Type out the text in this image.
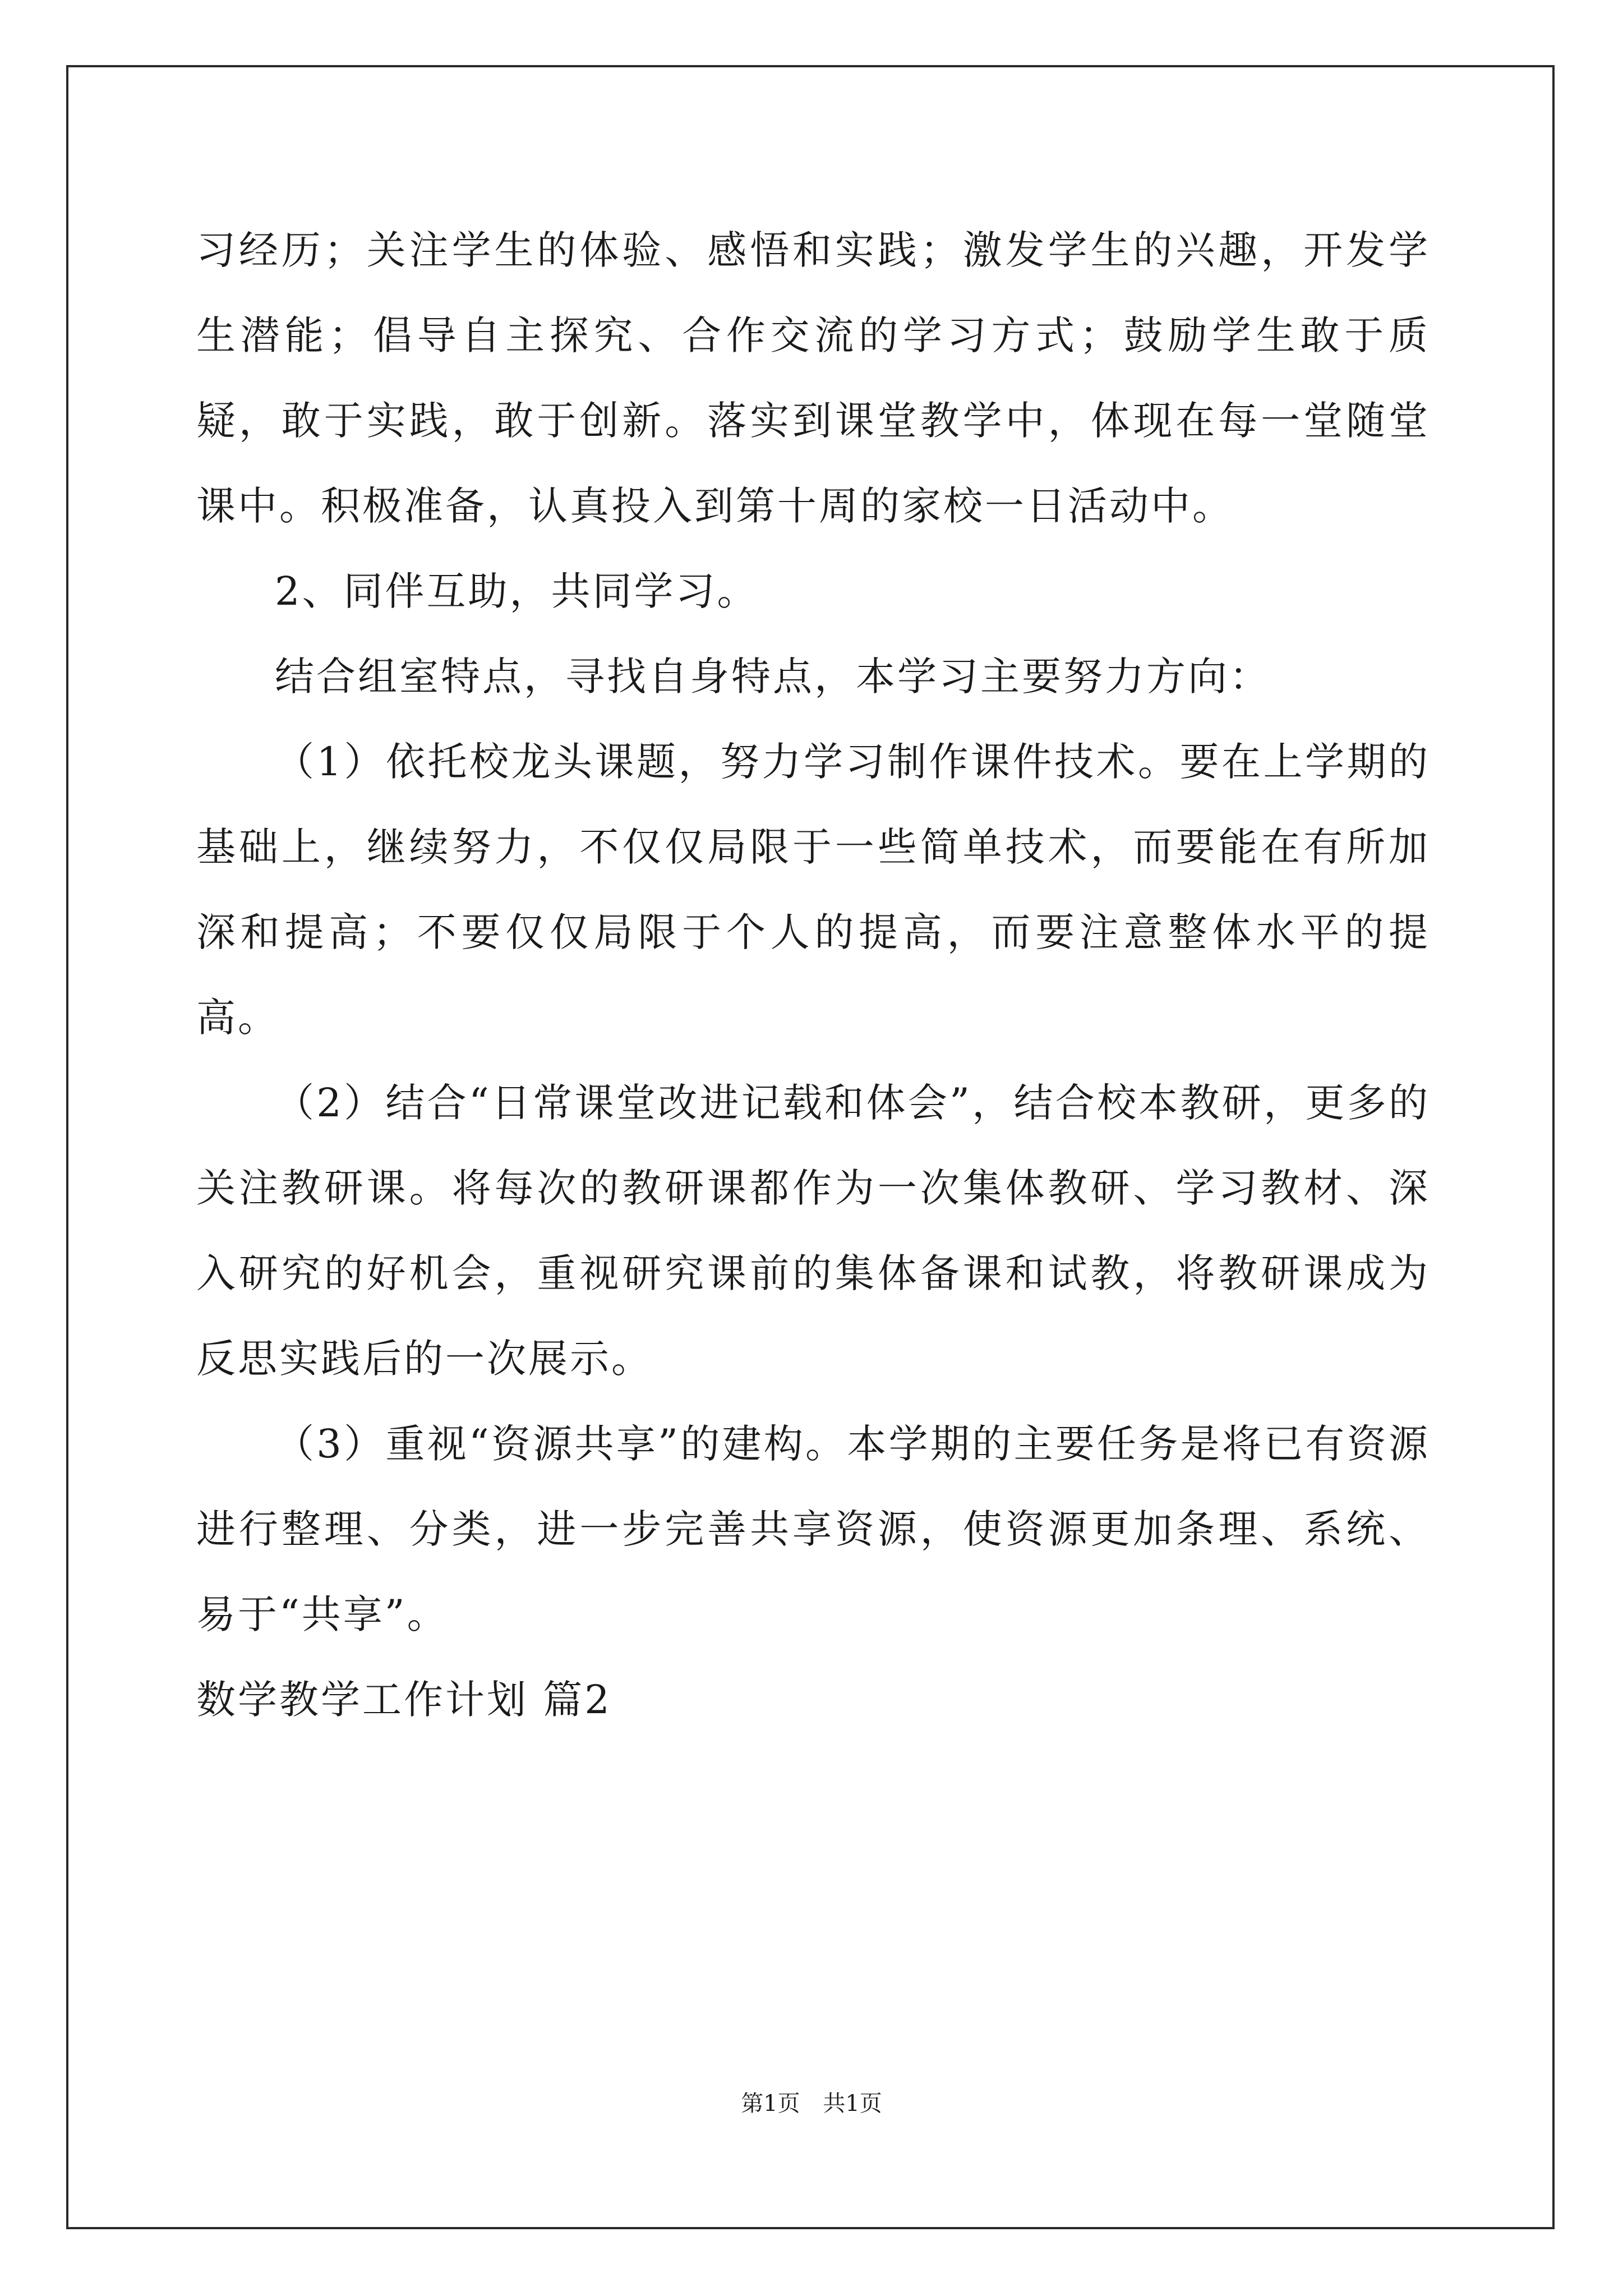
习经历；关注学生的体验、感悟和实践；激发学生的兴趣，开发学生潜能；倡导自主探究、合作交流的学习方式；鼓励学生敢于质疑，敢于实践，敢于创新。落实到课堂教学中，体现在每一堂随堂课中。积极准备，认真投入到第十周的家校一日活动中。

2、同伴互助，共同学习。

结合组室特点，寻找自身特点，本学习主要努力方向：

（1）依托校龙头课题，努力学习制作课件技术。要在上学期的基础上，继续努力，不仅仅局限于一些简单技术，而要能在有所加深和提高；不要仅仅局限于个人的提高，而要注意整体水平的提高。

（2）结合“日常课堂改进记载和体会”，结合校本教研，更多的关注教研课。将每次的教研课都作为一次集体教研、学习教材、深入研究的好机会，重视研究课前的集体备课和试教，将教研课成为反思实践后的一次展示。

（3）重视“资源共享”的建构。本学期的主要任务是将已有资源进行整理、分类，进一步完善共享资源，使资源更加条理、系统、易于“共享”。

数学教学工作计划 篇2

第1页 共1页
